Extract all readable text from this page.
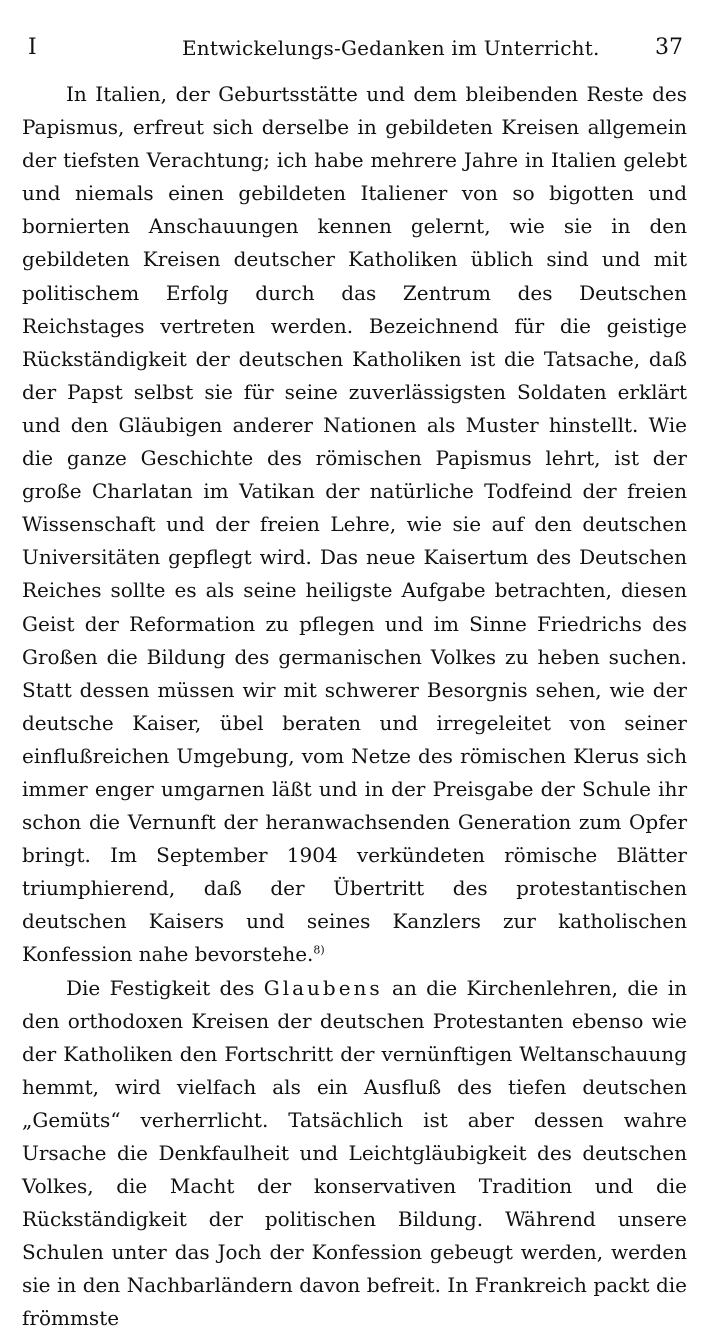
I	Entwickelungs-Gedanken im Unterricht.	37

In Italien, der Geburtsstätte und dem bleibenden Reste des Papismus, erfreut sich derselbe in gebildeten Kreisen allgemein der tiefsten Verachtung; ich habe mehrere Jahre in Italien gelebt und niemals einen gebildeten Italiener von so bigotten und bornierten Anschauungen kennen gelernt, wie sie in den gebildeten Kreisen deutscher Katholiken üblich sind und mit politischem Erfolg durch das Zentrum des Deutschen Reichstages vertreten werden. Bezeichnend für die geistige Rückständigkeit der deutschen Katholiken ist die Tatsache, daß der Papst selbst sie für seine zuverlässigsten Soldaten erklärt und den Gläubigen anderer Nationen als Muster hinstellt. Wie die ganze Geschichte des römischen Papismus lehrt, ist der große Charlatan im Vatikan der natürliche Todfeind der freien Wissenschaft und der freien Lehre, wie sie auf den deutschen Universitäten gepflegt wird. Das neue Kaisertum des Deutschen Reiches sollte es als seine heiligste Aufgabe betrachten, diesen Geist der Reformation zu pflegen und im Sinne Friedrichs des Großen die Bildung des germanischen Volkes zu heben suchen. Statt dessen müssen wir mit schwerer Besorgnis sehen, wie der deutsche Kaiser, übel beraten und irregeleitet von seiner einflußreichen Umgebung, vom Netze des römischen Klerus sich immer enger umgarnen läßt und in der Preisgabe der Schule ihr schon die Vernunft der heranwachsenden Generation zum Opfer bringt. Im September 1904 verkündeten römische Blätter triumphierend, daß der Übertritt des protestantischen deutschen Kaisers und seines Kanzlers zur katholischen Konfession nahe bevorstehe.$^{8)}$

Die Festigkeit des Glaubens an die Kirchenlehren, die in den orthodoxen Kreisen der deutschen Protestanten ebenso wie der Katholiken den Fortschritt der vernünftigen Weltanschauung hemmt, wird vielfach als ein Ausfluß des tiefen deutschen „Gemüts“ verherrlicht. Tatsächlich ist aber dessen wahre Ursache die Denkfaulheit und Leichtgläubigkeit des deutschen Volkes, die Macht der konservativen Tradition und die Rückständigkeit der politischen Bildung. Während unsere Schulen unter das Joch der Konfession gebeugt werden, werden sie in den Nachbarländern davon befreit. In Frankreich packt die frömmste
